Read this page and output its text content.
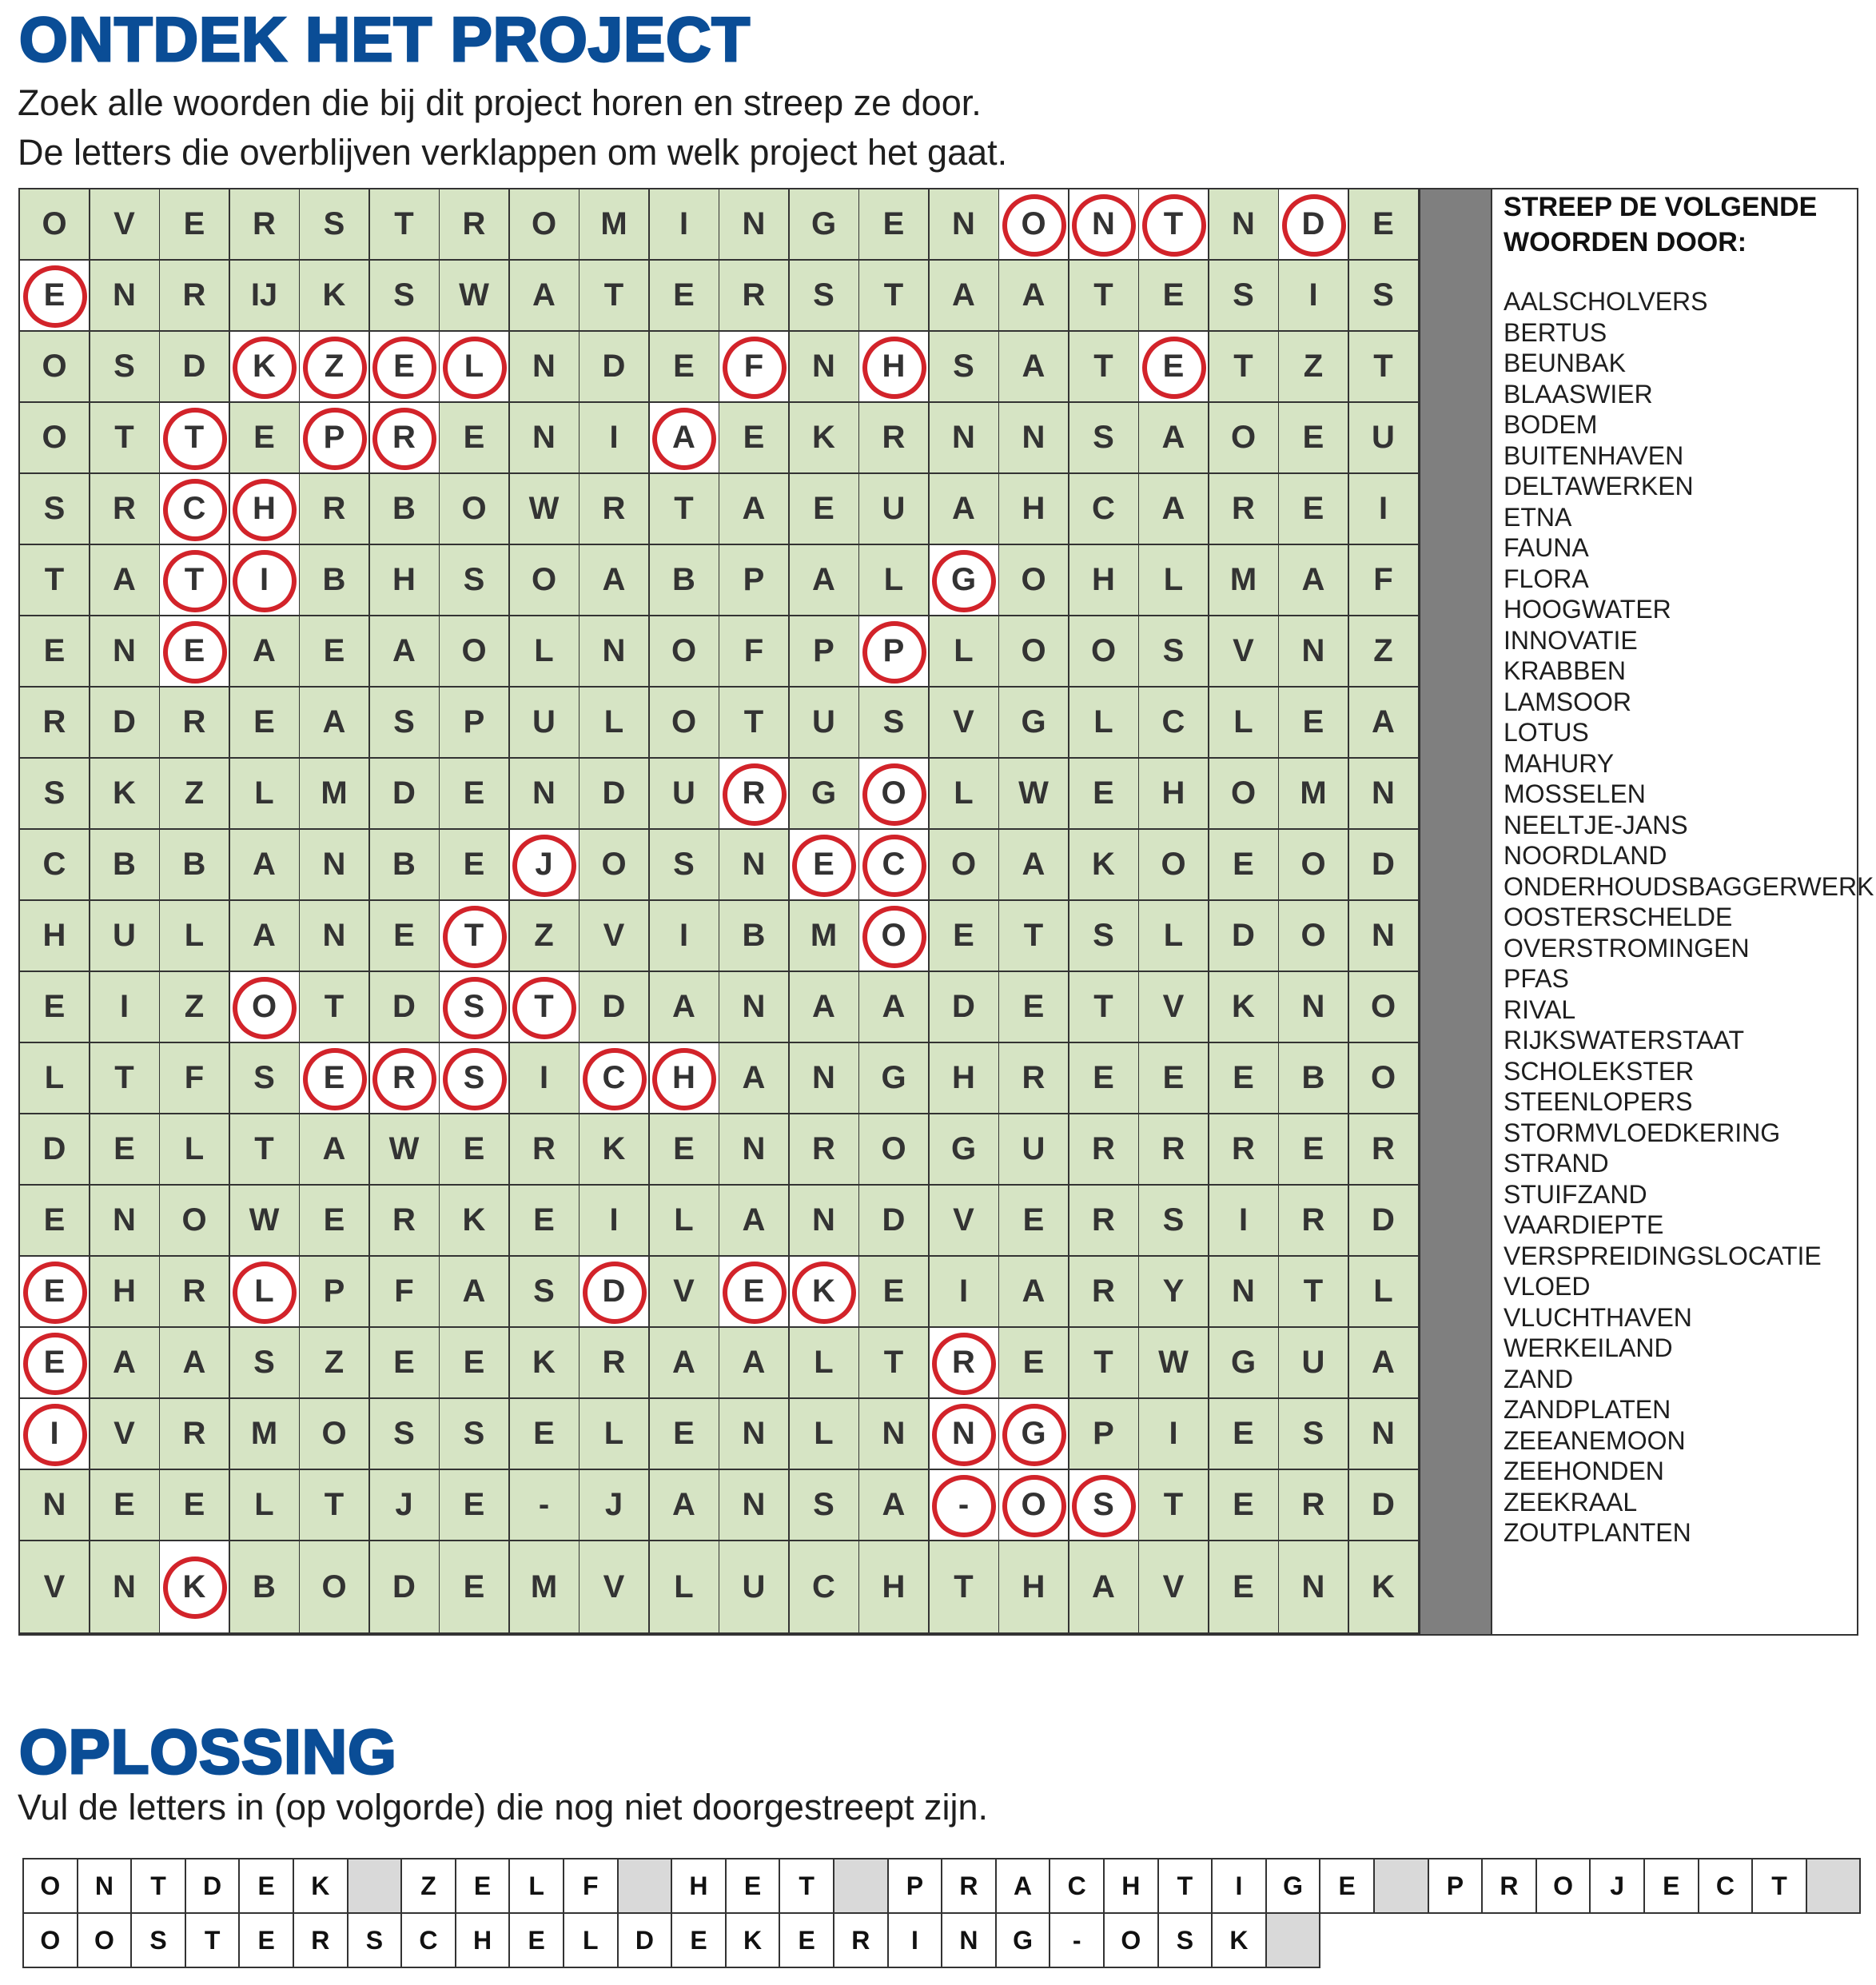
ONTDEK HET PROJECT
Zoek alle woorden die bij dit project horen en streep ze door.
De letters die overblijven verklappen om welk project het gaat.
O	V	E	R	S	T	R	O	M	I	N	G	E	N	O	N	T	N	D	E
E	N	R	IJ	K	S	W	A	T	E	R	S	T	A	A	T	E	S	I	S
O	S	D	K	Z	E	L	N	D	E	F	N	H	S	A	T	E	T	Z	T
O	T	T	E	P	R	E	N	I	A	E	K	R	N	N	S	A	O	E	U
S	R	C	H	R	B	O	W	R	T	A	E	U	A	H	C	A	R	E	I
T	A	T	I	B	H	S	O	A	B	P	A	L	G	O	H	L	M	A	F
E	N	E	A	E	A	O	L	N	O	F	P	P	L	O	O	S	V	N	Z
R	D	R	E	A	S	P	U	L	O	T	U	S	V	G	L	C	L	E	A
S	K	Z	L	M	D	E	N	D	U	R	G	O	L	W	E	H	O	M	N
C	B	B	A	N	B	E	J	O	S	N	E	C	O	A	K	O	E	O	D
H	U	L	A	N	E	T	Z	V	I	B	M	O	E	T	S	L	D	O	N
E	I	Z	O	T	D	S	T	D	A	N	A	A	D	E	T	V	K	N	O
L	T	F	S	E	R	S	I	C	H	A	N	G	H	R	E	E	E	B	O
D	E	L	T	A	W	E	R	K	E	N	R	O	G	U	R	R	R	E	R
E	N	O	W	E	R	K	E	I	L	A	N	D	V	E	R	S	I	R	D
E	H	R	L	P	F	A	S	D	V	E	K	E	I	A	R	Y	N	T	L
E	A	A	S	Z	E	E	K	R	A	A	L	T	R	E	T	W	G	U	A
I	V	R	M	O	S	S	E	L	E	N	L	N	N	G	P	I	E	S	N
N	E	E	L	T	J	E	-	J	A	N	S	A	-	O	S	T	E	R	D
V	N	K	B	O	D	E	M	V	L	U	C	H	T	H	A	V	E	N	K
STREEP DE VOLGENDE
WOORDEN DOOR:
AALSCHOLVERS
BERTUS
BEUNBAK
BLAASWIER
BODEM
BUITENHAVEN
DELTAWERKEN
ETNA
FAUNA
FLORA
HOOGWATER
INNOVATIE
KRABBEN
LAMSOOR
LOTUS
MAHURY
MOSSELEN
NEELTJE-JANS
NOORDLAND
ONDERHOUDSBAGGERWERK
OOSTERSCHELDE
OVERSTROMINGEN
PFAS
RIVAL
RIJKSWATERSTAAT
SCHOLEKSTER
STEENLOPERS
STORMVLOEDKERING
STRAND
STUIFZAND
VAARDIEPTE
VERSPREIDINGSLOCATIE
VLOED
VLUCHTHAVEN
WERKEILAND
ZAND
ZANDPLATEN
ZEEANEMOON
ZEEHONDEN
ZEEKRAAL
ZOUTPLANTEN
OPLOSSING
Vul de letters in (op volgorde) die nog niet doorgestreept zijn.
O	N	T	D	E	K	Z	E	L	F	H	E	T	P	R	A	C	H	T	I	G	E	P	R	O	J	E	C	T
O	O	S	T	E	R	S	C	H	E	L	D	E	K	E	R	I	N	G	-	O	S	K
